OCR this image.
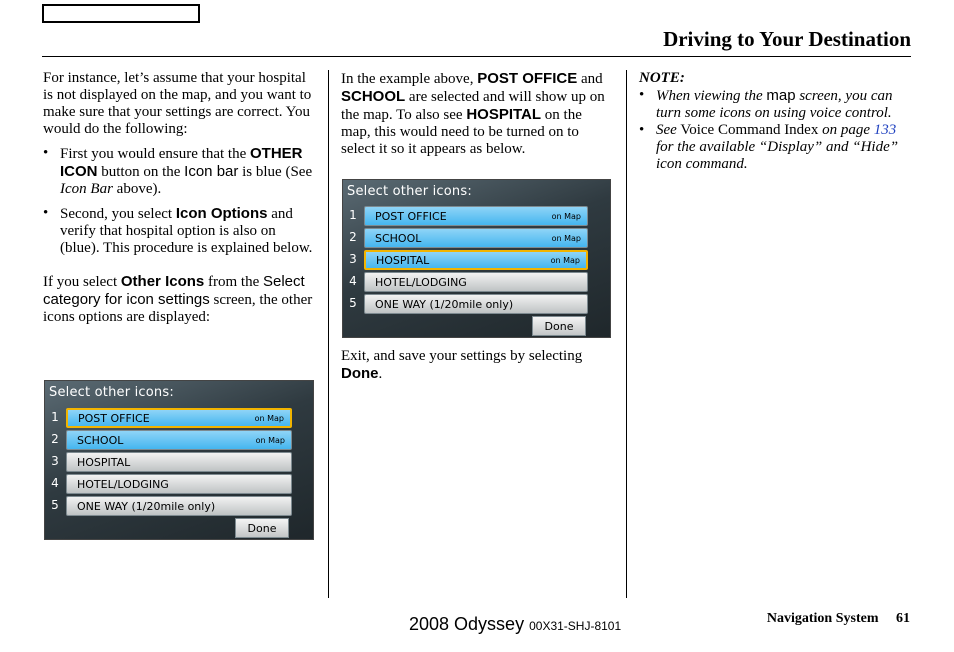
Driving to Your Destination

For instance, let’s assume that your hospital is not displayed on the map, and you want to make sure that your settings are correct. You would do the following:

• First you would ensure that the OTHER ICON button on the Icon bar is blue (See Icon Bar above).
• Second, you select Icon Options and verify that hospital option is also on (blue). This procedure is explained below.

If you select Other Icons from the Select category for icon settings screen, the other icons options are displayed:

Select other icons:
1	POST OFFICE	on Map
2	SCHOOL	on Map
3	HOSPITAL
4	HOTEL/LODGING
5	ONE WAY (1/20mile only)
Done

In the example above, POST OFFICE and SCHOOL are selected and will show up on the map. To also see HOSPITAL on the map, this would need to be turned on to select it so it appears as below.

Select other icons:
1	POST OFFICE	on Map
2	SCHOOL	on Map
3	HOSPITAL	on Map
4	HOTEL/LODGING
5	ONE WAY (1/20mile only)
Done

Exit, and save your settings by selecting Done.

NOTE:

• When viewing the map screen, you can turn some icons on using voice control.
• See Voice Command Index on page 133 for the available “Display” and “Hide” icon command.
2008 Odyssey 00X31-SHJ-8101	Navigation System 61
